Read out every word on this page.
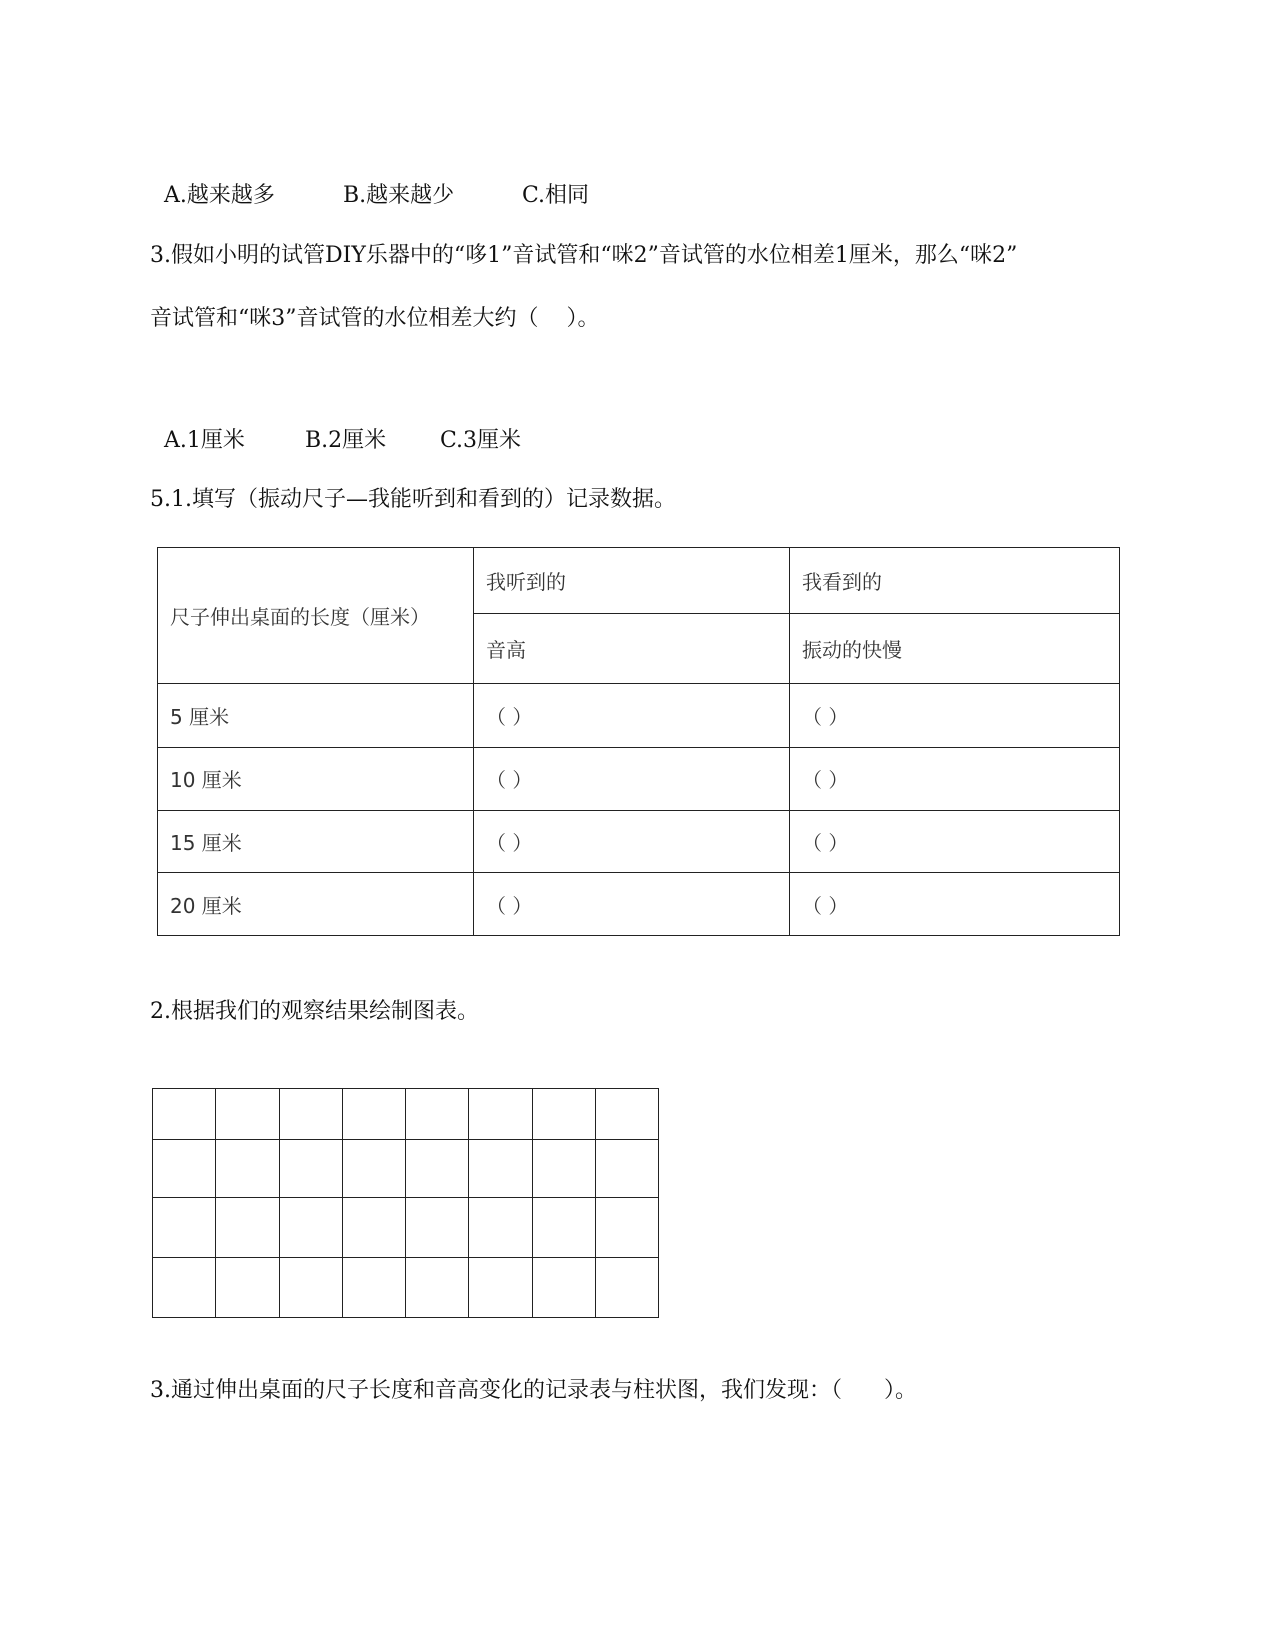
A.越来越多	B.越来越少	C.相同

3.假如小明的试管DIY乐器中的“哆1”音试管和“咪2”音试管的水位相差1厘米，那么“咪2”
音试管和“咪3”音试管的水位相差大约（    ）。

A.1厘米	B.2厘米 C.3厘米

5.1.填写（振动尺子—我能听到和看到的）记录数据。
尺子伸出桌面的长度（厘米）	我听到的	我看到的
	音高	振动的快慢
5 厘米	（ ）	（ ）
10 厘米	（ ）	（ ）
15 厘米	（ ）	（ ）
20 厘米	（ ）	（ ）
2.根据我们的观察结果绘制图表。

3.通过伸出桌面的尺子长度和音高变化的记录表与柱状图，我们发现：（      ）。
